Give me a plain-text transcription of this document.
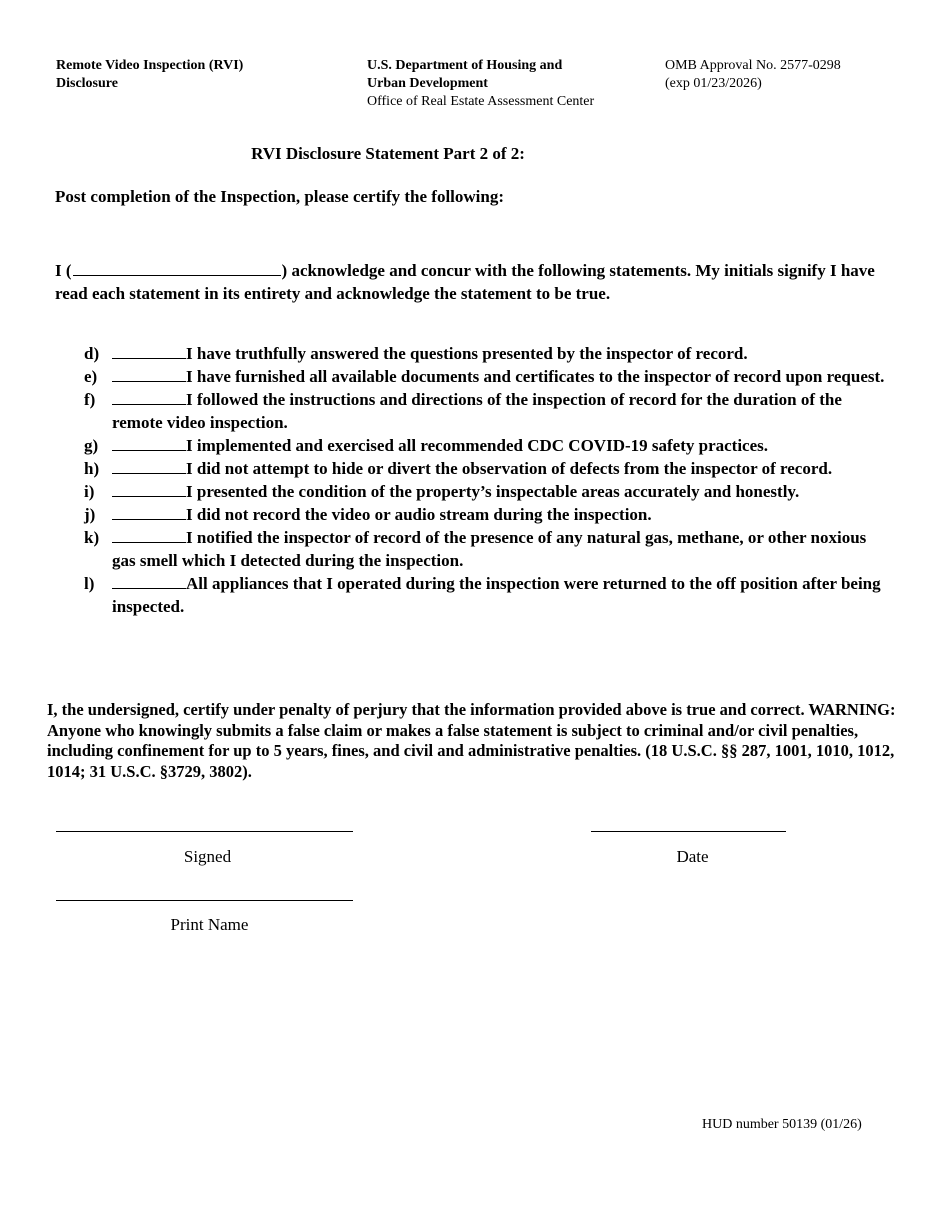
Remote Video Inspection (RVI)
Disclosure
U.S. Department of Housing and
Urban Development
Office of Real Estate Assessment Center
OMB Approval No. 2577-0298
(exp 01/23/2026)
RVI Disclosure Statement Part 2 of 2:
Post completion of the Inspection, please certify the following:
I (	) acknowledge and concur with the following statements. My initials signify I have read each statement in its entirety and acknowledge the statement to be true.
d)	I have truthfully answered the questions presented by the inspector of record.
e)	I have furnished all available documents and certificates to the inspector of record upon request.
f)	I followed the instructions and directions of the inspection of record for the duration of the remote video inspection.
g)	I implemented and exercised all recommended CDC COVID-19 safety practices.
h)	I did not attempt to hide or divert the observation of defects from the inspector of record.
i)	I presented the condition of the property’s inspectable areas accurately and honestly.
j)	I did not record the video or audio stream during the inspection.
k)	I notified the inspector of record of the presence of any natural gas, methane, or other noxious gas smell which I detected during the inspection.
l)	All appliances that I operated during the inspection were returned to the off position after being inspected.
I, the undersigned, certify under penalty of perjury that the information provided above is true and correct. WARNING: Anyone who knowingly submits a false claim or makes a false statement is subject to criminal and/or civil penalties, including confinement for up to 5 years, fines, and civil and administrative penalties. (18 U.S.C. §§ 287, 1001, 1010, 1012, 1014; 31 U.S.C. §3729, 3802).
Signed	Date
Print Name
HUD number 50139 (01/26)
